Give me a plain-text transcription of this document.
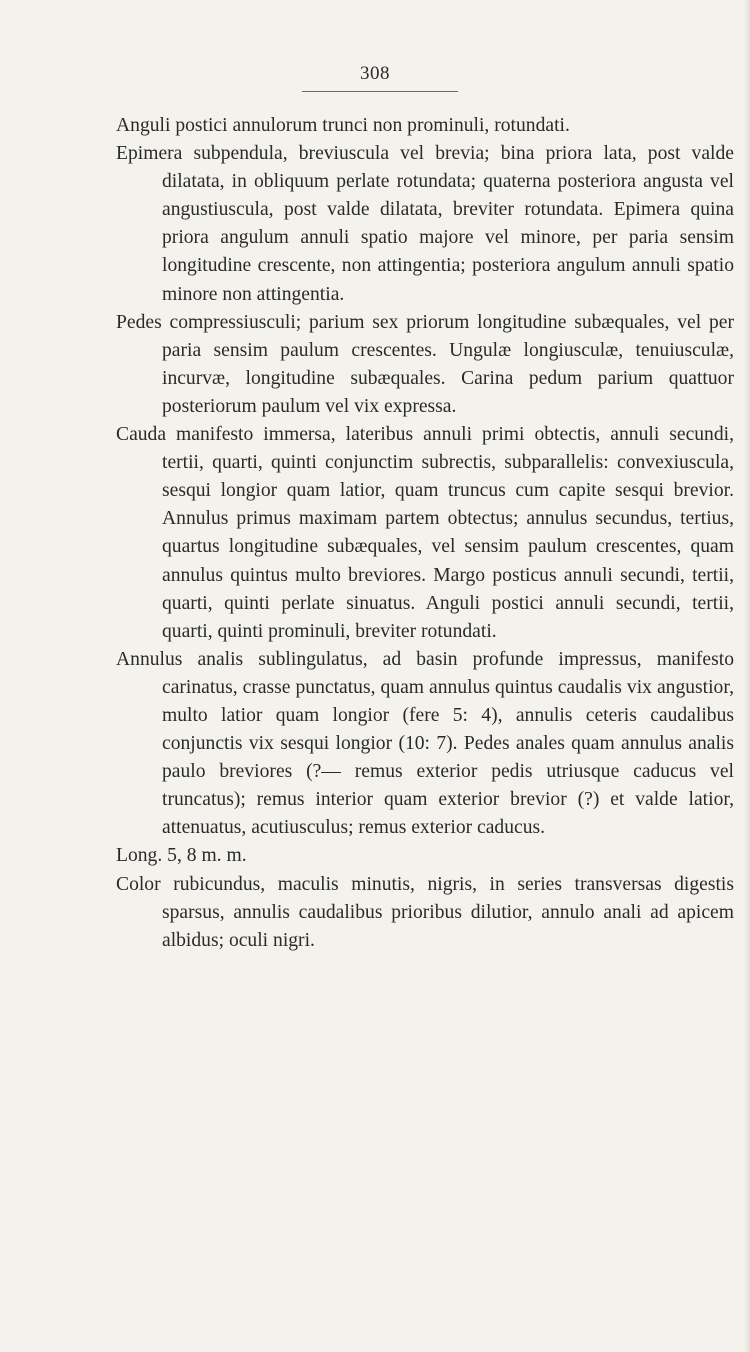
308

Anguli postici annulorum trunci non prominuli, rotundati.

Epimera subpendula, breviuscula vel brevia; bina priora lata, post valde dilatata, in obliquum perlate rotundata; quaterna posteriora angusta vel angustiuscula, post valde dilatata, breviter rotundata. Epimera quina priora angulum annuli spatio majore vel minore, per paria sensim longitudine crescente, non attingentia; posteriora angulum annuli spatio minore non attingentia.

Pedes compressiusculi; parium sex priorum longitudine subæquales, vel per paria sensim paulum crescentes. Ungulæ longiusculæ, tenuiusculæ, incurvæ, longitudine subæquales. Carina pedum parium quattuor posteriorum paulum vel vix expressa.

Cauda manifesto immersa, lateribus annuli primi obtectis, annuli secundi, tertii, quarti, quinti conjunctim subrectis, subparallelis: convexiuscula, sesqui longior quam latior, quam truncus cum capite sesqui brevior. Annulus primus maximam partem obtectus; annulus secundus, tertius, quartus longitudine subæquales, vel sensim paulum crescentes, quam annulus quintus multo breviores. Margo posticus annuli secundi, tertii, quarti, quinti perlate sinuatus. Anguli postici annuli secundi, tertii, quarti, quinti prominuli, breviter rotundati.

Annulus analis sublingulatus, ad basin profunde impressus, manifesto carinatus, crasse punctatus, quam annulus quintus caudalis vix angustior, multo latior quam longior (fere 5: 4), annulis ceteris caudalibus conjunctis vix sesqui longior (10: 7). Pedes anales quam annulus analis paulo breviores (?— remus exterior pedis utriusque caducus vel truncatus); remus interior quam exterior brevior (?) et valde latior, attenuatus, acutiusculus; remus exterior caducus.

Long. 5, 8 m. m.

Color rubicundus, maculis minutis, nigris, in series transversas digestis sparsus, annulis caudalibus prioribus dilutior, annulo anali ad apicem albidus; oculi nigri.
